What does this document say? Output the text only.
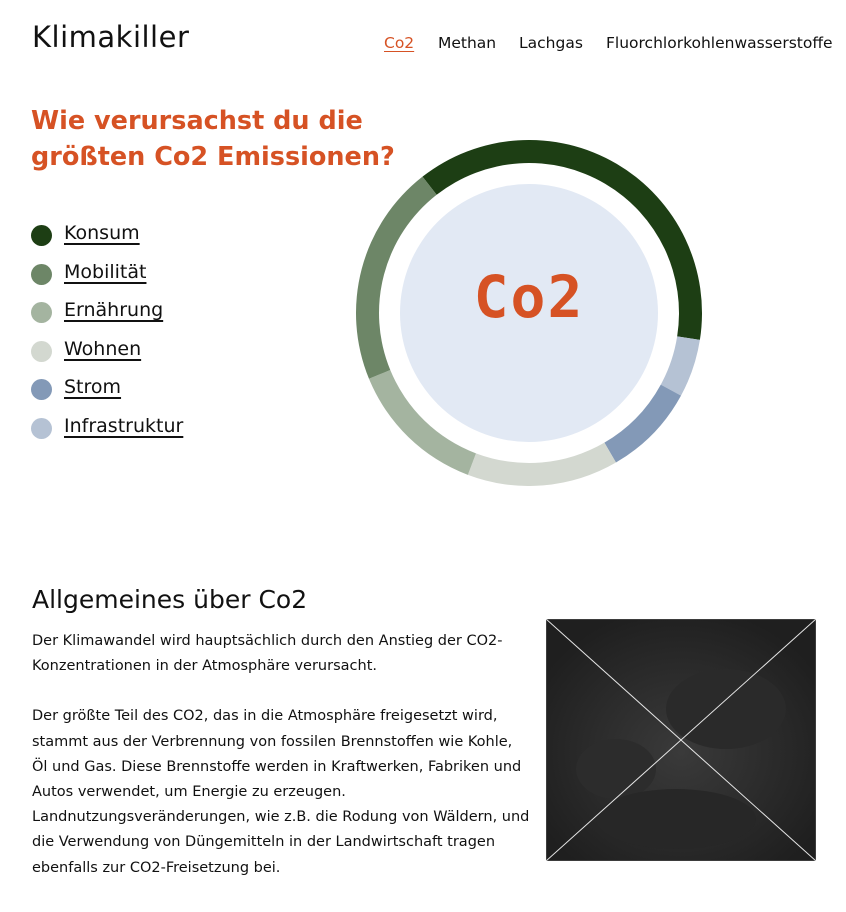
Klimakiller	Co2 Methan Lachgas Fluorchlorkohlenwasserstoffe
Wie verursachst du die größten Co2 Emissionen?
Konsum
Mobilität
Ernährung
Wohnen
Strom
Infrastruktur
Co2
Allgemeines über Co2

Der Klimawandel wird hauptsächlich durch den Anstieg der CO2-Konzentrationen in der Atmosphäre verursacht.

Der größte Teil des CO2, das in die Atmosphäre freigesetzt wird, stammt aus der Verbrennung von fossilen Brennstoffen wie Kohle, Öl und Gas. Diese Brennstoffe werden in Kraftwerken, Fabriken und Autos verwendet, um Energie zu erzeugen. Landnutzungsveränderungen, wie z.B. die Rodung von Wäldern, und die Verwendung von Düngemitteln in der Landwirtschaft tragen ebenfalls zur CO2-Freisetzung bei.
